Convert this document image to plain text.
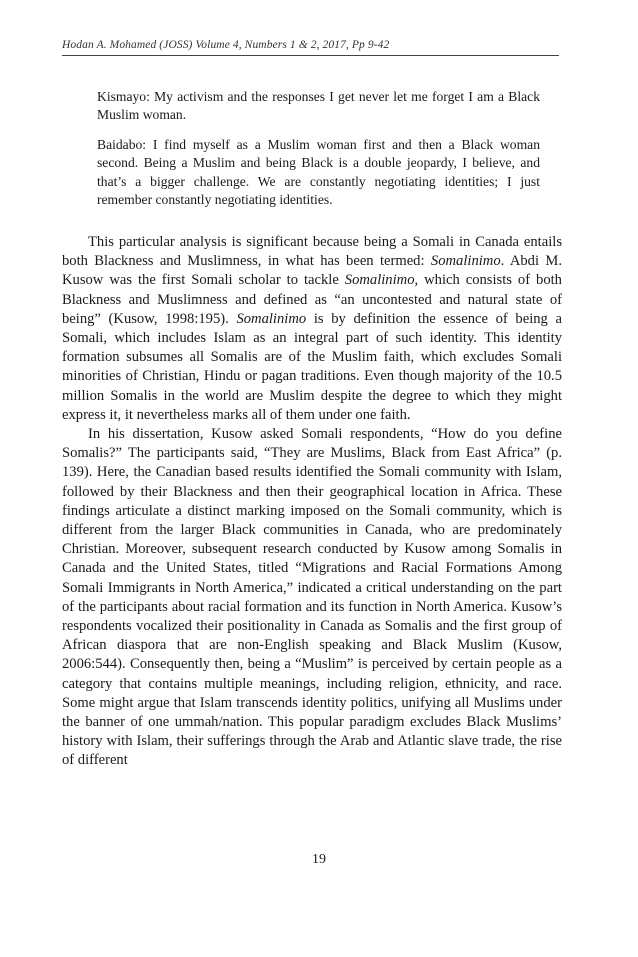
Hodan A. Mohamed (JOSS) Volume 4, Numbers 1 & 2, 2017, Pp 9-42

Kismayo: My activism and the responses I get never let me forget I am a Black Muslim woman.

Baidabo: I find myself as a Muslim woman first and then a Black woman second. Being a Muslim and being Black is a double jeopardy, I believe, and that’s a bigger challenge. We are constantly negotiating identities; I just remember constantly negotiating identities.

This particular analysis is significant because being a Somali in Canada entails both Blackness and Muslimness, in what has been termed: Somalinimo. Abdi M. Kusow was the first Somali scholar to tackle Somalinimo, which consists of both Blackness and Muslimness and defined as “an uncontested and natural state of being” (Kusow, 1998:195). Somalinimo is by definition the essence of being a Somali, which includes Islam as an integral part of such identity. This identity formation subsumes all Somalis are of the Muslim faith, which excludes Somali minorities of Christian, Hindu or pagan traditions. Even though majority of the 10.5 million Somalis in the world are Muslim despite the degree to which they might express it, it nevertheless marks all of them under one faith.

In his dissertation, Kusow asked Somali respondents, “How do you define Somalis?” The participants said, “They are Muslims, Black from East Africa” (p. 139). Here, the Canadian based results identified the Somali community with Islam, followed by their Blackness and then their geographical location in Africa. These findings articulate a distinct marking imposed on the Somali community, which is different from the larger Black communities in Canada, who are predominately Christian. Moreover, subsequent research conducted by Kusow among Somalis in Canada and the United States, titled “Migrations and Racial Formations Among Somali Immigrants in North America,” indicated a critical understanding on the part of the participants about racial formation and its function in North America. Kusow’s respondents vocalized their positionality in Canada as Somalis and the first group of African diaspora that are non-English speaking and Black Muslim (Kusow, 2006:544). Consequently then, being a “Muslim” is perceived by certain people as a category that contains multiple meanings, including religion, ethnicity, and race. Some might argue that Islam transcends identity politics, unifying all Muslims under the banner of one ummah/nation. This popular paradigm excludes Black Muslims’ history with Islam, their sufferings through the Arab and Atlantic slave trade, the rise of different

19
